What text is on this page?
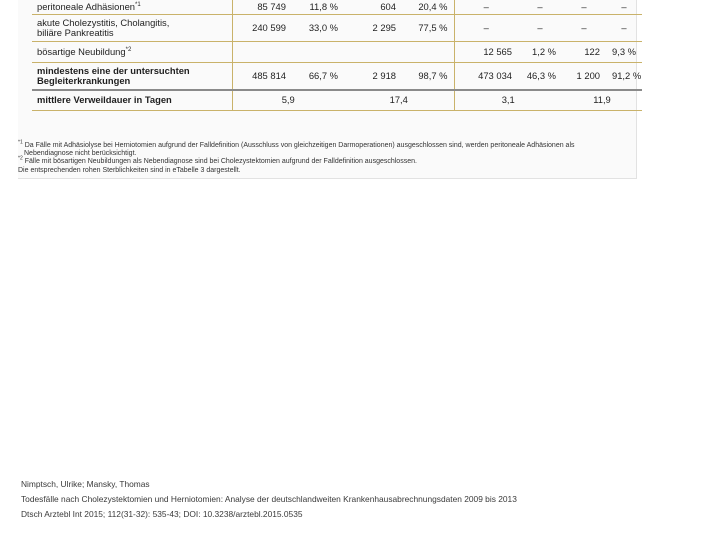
peritoneale Adhäsionen$^{*1}$	85 749	11,8 %	604	20,4 %	–	–	–	–

akute Cholezystitis, Cholangitis,
biliäre Pankreatitis	240 599	33,0 %	2 295	77,5 %	–	–	–	–
bösartige Neubildung$^{*2}$					12 565	1,2 %	122	9,3 %

mindestens eine der untersuchten
Begleiterkrankungen	485 814	66,7 %	2 918	98,7 %	473 034	46,3 %	1 200	91,2 %
mittlere Verweildauer in Tagen	5,9		17,4		3,1		11,9	

$^{*1}$ Da Fälle mit Adhäsiolyse bei Herniotomien aufgrund der Falldefinition (Ausschluss von gleichzeitigen Darmoperationen) ausgeschlossen sind, werden peritoneale Adhäsionen als

Nebendiagnose nicht berücksichtigt.

$^{*2}$ Fälle mit bösartigen Neubildungen als Nebendiagnose sind bei Cholezystektomien aufgrund der Falldefinition ausgeschlossen.

Die entsprechenden rohen Sterblichkeiten sind in eTabelle 3 dargestellt.

Nimptsch, Ulrike; Mansky, Thomas
Todesfälle nach Cholezystektomien und Herniotomien: Analyse der deutschlandweiten Krankenhausabrechnungsdaten 2009 bis 2013
Dtsch Arztebl Int 2015; 112(31-32): 535-43; DOI: 10.3238/arztebl.2015.0535
